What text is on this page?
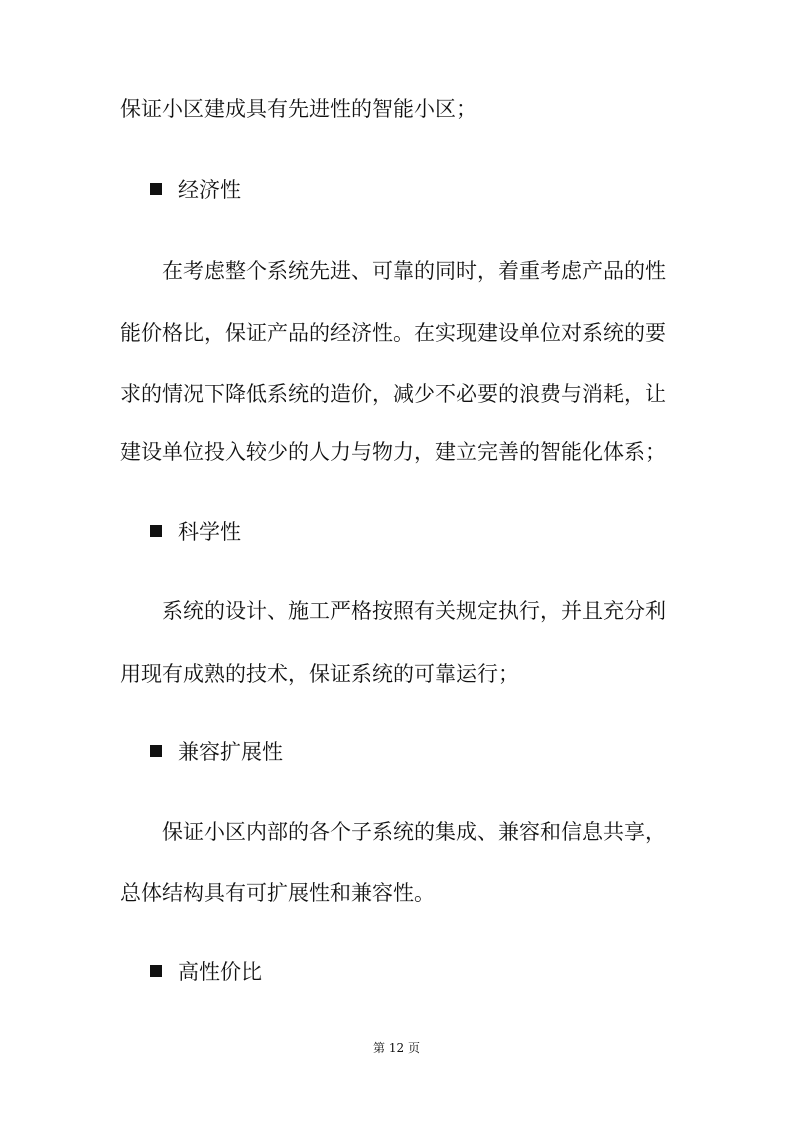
保证小区建成具有先进性的智能小区；
经济性
在考虑整个系统先进、可靠的同时，着重考虑产品的性
能价格比，保证产品的经济性。在实现建设单位对系统的要
求的情况下降低系统的造价，减少不必要的浪费与消耗，让
建设单位投入较少的人力与物力，建立完善的智能化体系；
科学性
系统的设计、施工严格按照有关规定执行，并且充分利
用现有成熟的技术，保证系统的可靠运行；
兼容扩展性
保证小区内部的各个子系统的集成、兼容和信息共享，
总体结构具有可扩展性和兼容性。
高性价比
第 12 页
